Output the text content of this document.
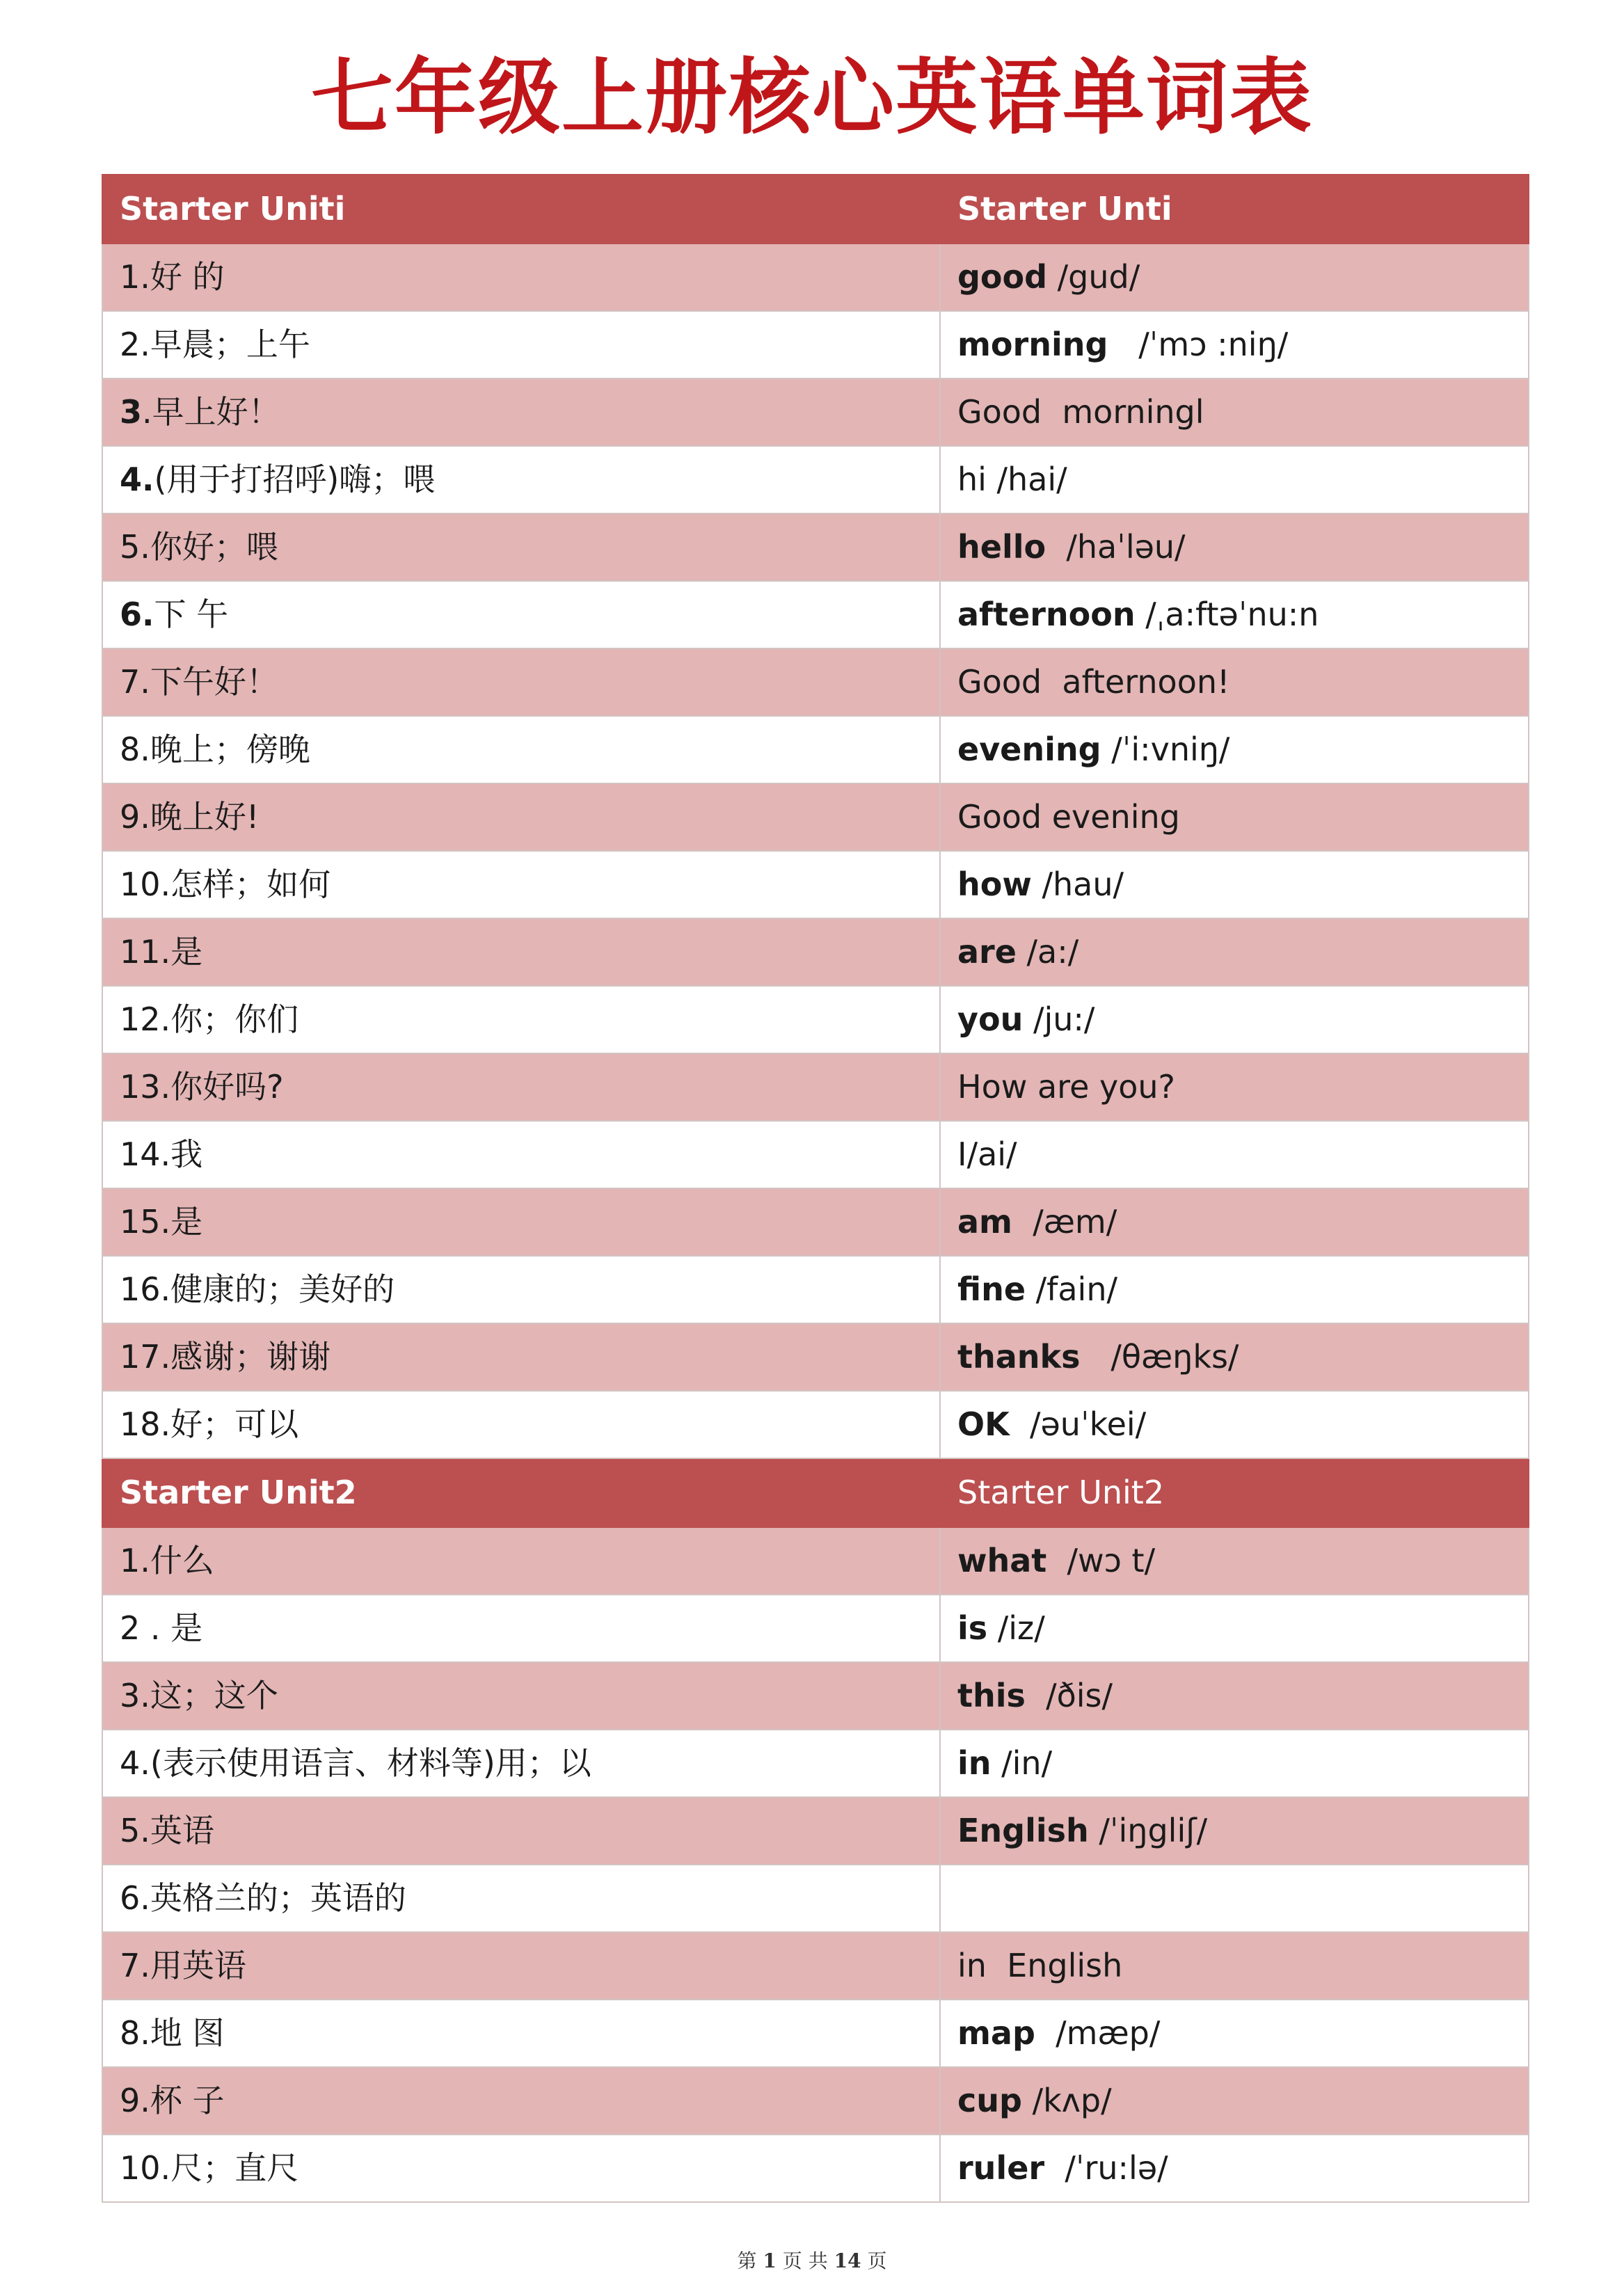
七年级上册核心英语单词表
Starter Uniti	Starter Unti
1.好 的	good /gud/
2.早晨；上午	morning   /ˈmɔ :niŋ/
3.早上好！	Good  morningl
4.(用于打招呼)嗨；喂	hi /hai/
5.你好；喂	hello  /haˈləu/
6.下 午	afternoon /ˌa:ftəˈnu:n
7.下午好！	Good  afternoon!
8.晚上；傍晚	evening /ˈi:vniŋ/
9.晚上好!	Good evening
10.怎样；如何	how /hau/
11.是	are /a:/
12.你；你们	you /ju:/
13.你好吗?	How are you?
14.我	I/ai/
15.是	am  /æm/
16.健康的；美好的	fine /fain/
17.感谢；谢谢	thanks   /θæŋks/
18.好；可以	OK  /əuˈkei/
Starter Unit2	Starter Unit2
1.什么	what  /wɔ t/
2 . 是	is /iz/
3.这；这个	this  /ðis/
4.(表示使用语言、材料等)用；以	in /in/
5.英语	English /ˈiŋgliʃ/
6.英格兰的；英语的	
7.用英语	in  English
8.地 图	map  /mæp/
9.杯 子	cup /kʌp/
10.尺；直尺	ruler  /ˈru:lə/
第 1 页 共 14 页
